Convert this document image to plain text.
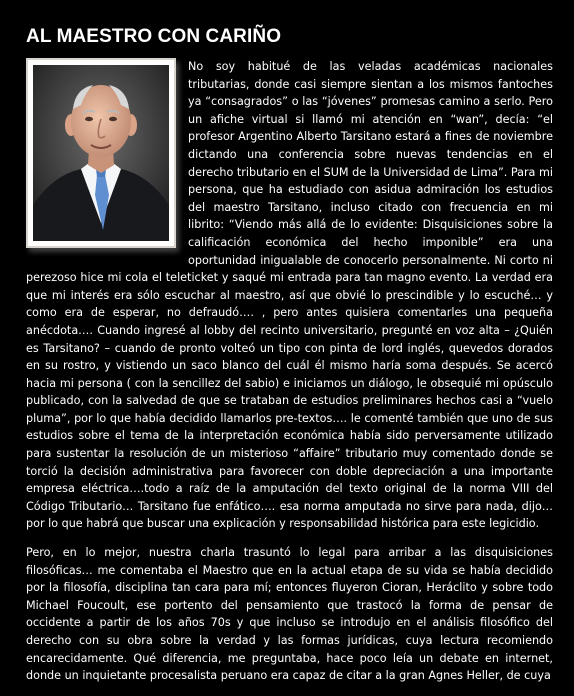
AL MAESTRO CON CARIÑO

No soy habitué de las veladas académicas nacionales tributarias, donde casi siempre sientan a los mismos fantoches ya “consagrados” o las “jóvenes” promesas camino a serlo. Pero un afiche virtual si llamó mi atención en “wan”, decía: “el profesor Argentino Alberto Tarsitano estará a fines de noviembre dictando una conferencia sobre nuevas tendencias en el derecho tributario en el SUM de la Universidad de Lima”. Para mi persona, que ha estudiado con asidua admiración los estudios del maestro Tarsitano, incluso citado con frecuencia en mi librito: “Viendo más allá de lo evidente: Disquisiciones sobre la calificación económica del hecho imponible” era una oportunidad inigualable de conocerlo personalmente. Ni corto ni perezoso hice mi cola el teleticket y saqué mi entrada para tan magno evento. La verdad era que mi interés era sólo escuchar al maestro, así que obvié lo prescindible y lo escuché… y como era de esperar, no defraudó…. , pero antes quisiera comentarles una pequeña anécdota…. Cuando ingresé al lobby del recinto universitario, pregunté en voz alta – ¿Quién es Tarsitano? – cuando de pronto volteó un tipo con pinta de lord inglés, quevedos dorados en su rostro, y vistiendo un saco blanco del cuál él mismo haría soma después. Se acercó hacia mi persona ( con la sencillez del sabio) e iniciamos un diálogo, le obsequié mi opúsculo publicado, con la salvedad de que se trataban de estudios preliminares hechos casi a “vuelo pluma”, por lo que había decidido llamarlos pre-textos…. le comenté también que uno de sus estudios sobre el tema de la interpretación económica había sido perversamente utilizado para sustentar la resolución de un misterioso “affaire” tributario muy comentado donde se torció la decisión administrativa para favorecer con doble depreciación a una importante empresa eléctrica….todo a raíz de la amputación del texto original de la norma VIII del Código Tributario… Tarsitano fue enfático…. esa norma amputada no sirve para nada, dijo… por lo que habrá que buscar una explicación y responsabilidad histórica para este legicidio.

Pero, en lo mejor, nuestra charla trasuntó lo legal para arribar a las disquisiciones filosóficas… me comentaba el Maestro que en la actual etapa de su vida se había decidido por la filosofía, disciplina tan cara para mí; entonces fluyeron Cioran, Heráclito y sobre todo Michael Foucoult, ese portento del pensamiento que trastocó la forma de pensar de occidente a partir de los años 70s y que incluso se introdujo en el análisis filosófico del derecho con su obra sobre la verdad y las formas jurídicas, cuya lectura recomiendo encarecidamente. Qué diferencia, me preguntaba, hace poco leía un debate en internet, donde un inquietante procesalista peruano era capaz de citar a la gran Agnes Heller, de cuya
